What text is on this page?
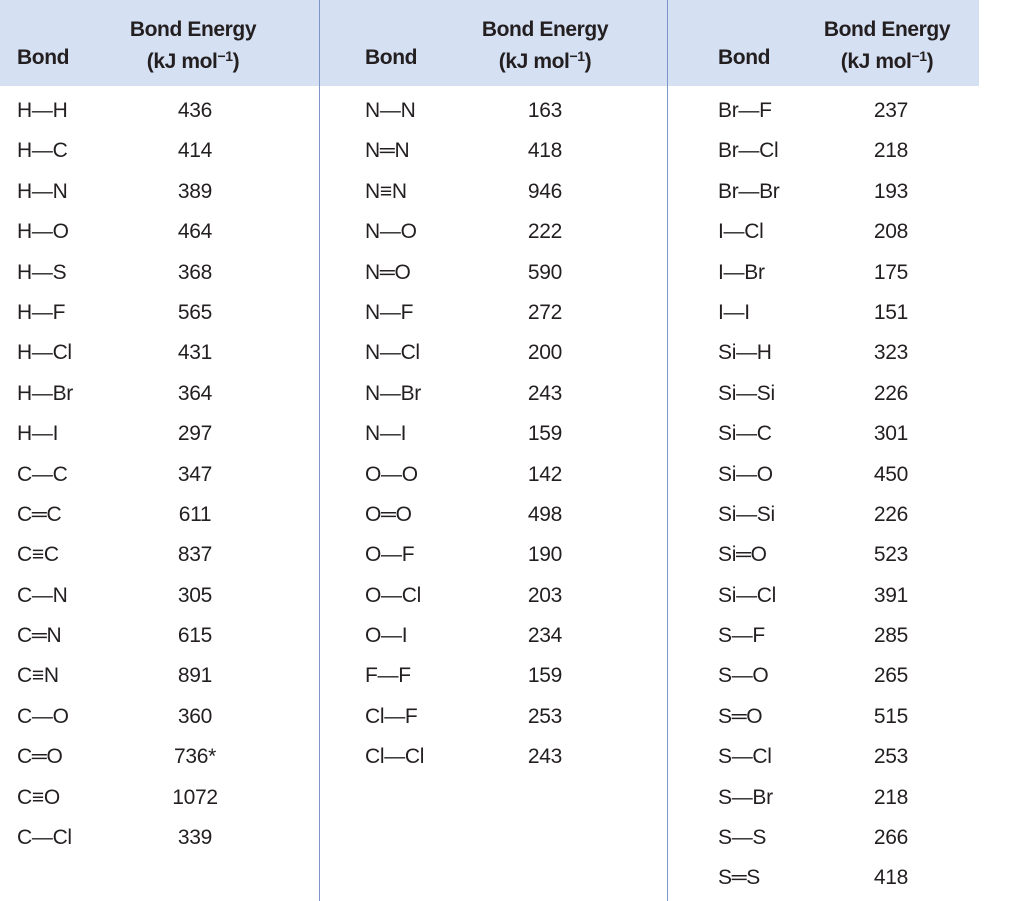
Bond
Bond Energy
(kJ mol$^{-1}$)
Br—F	237
Br—Cl	218
Br—Br	193
I—Cl	208
I—Br	175
I—I	151
Si—H	323
Si—Si	226
Si—C	301
Si—O	450
Si—Si	226
Si═O	523
Si—Cl	391
S—F	285
S—O	265
S═O	515
S—Cl	253
S—Br	218
S—S	266
S═S	418
Bond
Bond Energy
(kJ mol$^{-1}$)
N—N	163
N═N	418
N≡N	946
N—O	222
N═O	590
N—F	272
N—Cl	200
N—Br	243
N—I	159
O—O	142
O═O	498
O—F	190
O—Cl	203
O—I	234
F—F	159
Cl—F	253
Cl—Cl	243
Bond
Bond Energy
(kJ mol$^{-1}$)
H—H	436
H—C	414
H—N	389
H—O	464
H—S	368
H—F	565
H—Cl	431
H—Br	364
H—I	297
C—C	347
C═C	611
C≡C	837
C—N	305
C═N	615
C≡N	891
C—O	360
C═O	736*
C≡O	1072
C—Cl	339
